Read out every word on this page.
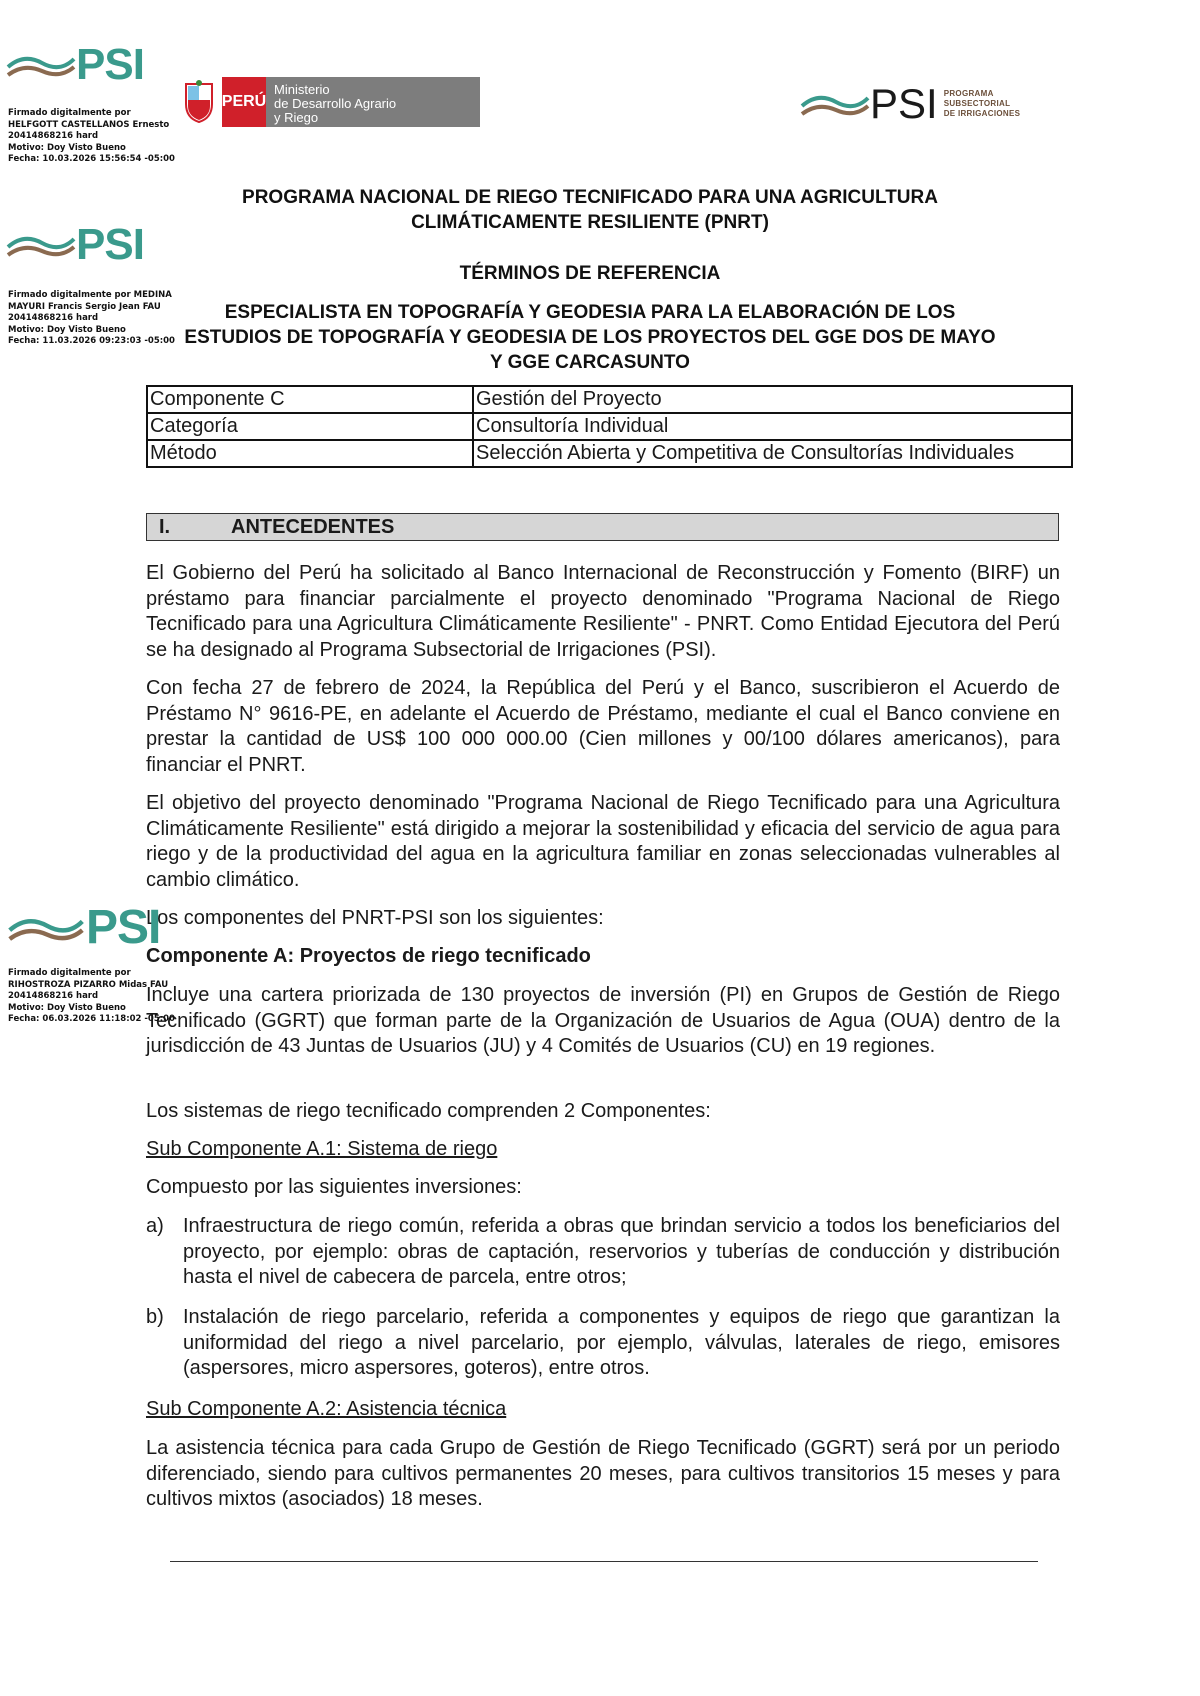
PSI
Firmado digitalmente por
HELFGOTT CASTELLANOS Ernesto
20414868216 hard
Motivo: Doy Visto Bueno
Fecha: 10.03.2026 15:56:54 -05:00
PERÚ
Ministerio
de Desarrollo Agrario
y Riego	PSI PROGRAMA
SUBSECTORIAL
DE IRRIGACIONES
PSI
Firmado digitalmente por MEDINA
MAYURI Francis Sergio Jean FAU
20414868216 hard
Motivo: Doy Visto Bueno
Fecha: 11.03.2026 09:23:03 -05:00
PROGRAMA NACIONAL DE RIEGO TECNIFICADO PARA UNA AGRICULTURA
CLIMÁTICAMENTE RESILIENTE (PNRT)
TÉRMINOS DE REFERENCIA
ESPECIALISTA EN TOPOGRAFÍA Y GEODESIA PARA LA ELABORACIÓN DE LOS
ESTUDIOS DE TOPOGRAFÍA Y GEODESIA DE LOS PROYECTOS DEL GGE DOS DE MAYO
Y GGE CARCASUNTO
Componente C	Gestión del Proyecto
Categoría	Consultoría Individual
Método	Selección Abierta y Competitiva de Consultorías Individuales
I.	ANTECEDENTES
El Gobierno del Perú ha solicitado al Banco Internacional de Reconstrucción y Fomento (BIRF) un préstamo para financiar parcialmente el proyecto denominado "Programa Nacional de Riego Tecnificado para una Agricultura Climáticamente Resiliente" - PNRT. Como Entidad Ejecutora del Perú se ha designado al Programa Subsectorial de Irrigaciones (PSI).
Con fecha 27 de febrero de 2024, la República del Perú y el Banco, suscribieron el Acuerdo de Préstamo N° 9616-PE, en adelante el Acuerdo de Préstamo, mediante el cual el Banco conviene en prestar la cantidad de US$ 100 000 000.00 (Cien millones y 00/100 dólares americanos), para financiar el PNRT.
El objetivo del proyecto denominado "Programa Nacional de Riego Tecnificado para una Agricultura Climáticamente Resiliente" está dirigido a mejorar la sostenibilidad y eficacia del servicio de agua para riego y de la productividad del agua en la agricultura familiar en zonas seleccionadas vulnerables al cambio climático.
Los componentes del PNRT-PSI son los siguientes:
Componente A: Proyectos de riego tecnificado
Incluye una cartera priorizada de 130 proyectos de inversión (PI) en Grupos de Gestión de Riego Tecnificado (GGRT) que forman parte de la Organización de Usuarios de Agua (OUA) dentro de la jurisdicción de 43 Juntas de Usuarios (JU) y 4 Comités de Usuarios (CU) en 19 regiones.
Los sistemas de riego tecnificado comprenden 2 Componentes:
Sub Componente A.1: Sistema de riego
Compuesto por las siguientes inversiones:
a) Infraestructura de riego común, referida a obras que brindan servicio a todos los beneficiarios del proyecto, por ejemplo: obras de captación, reservorios y tuberías de conducción y distribución hasta el nivel de cabecera de parcela, entre otros;
b) Instalación de riego parcelario, referida a componentes y equipos de riego que garantizan la uniformidad del riego a nivel parcelario, por ejemplo, válvulas, laterales de riego, emisores (aspersores, micro aspersores, goteros), entre otros.
Sub Componente A.2: Asistencia técnica
La asistencia técnica para cada Grupo de Gestión de Riego Tecnificado (GGRT) será por un periodo diferenciado, siendo para cultivos permanentes 20 meses, para cultivos transitorios 15 meses y para cultivos mixtos (asociados) 18 meses.
PSI
Firmado digitalmente por
RIHOSTROZA PIZARRO Midas FAU
20414868216 hard
Motivo: Doy Visto Bueno
Fecha: 06.03.2026 11:18:02 -05:00
